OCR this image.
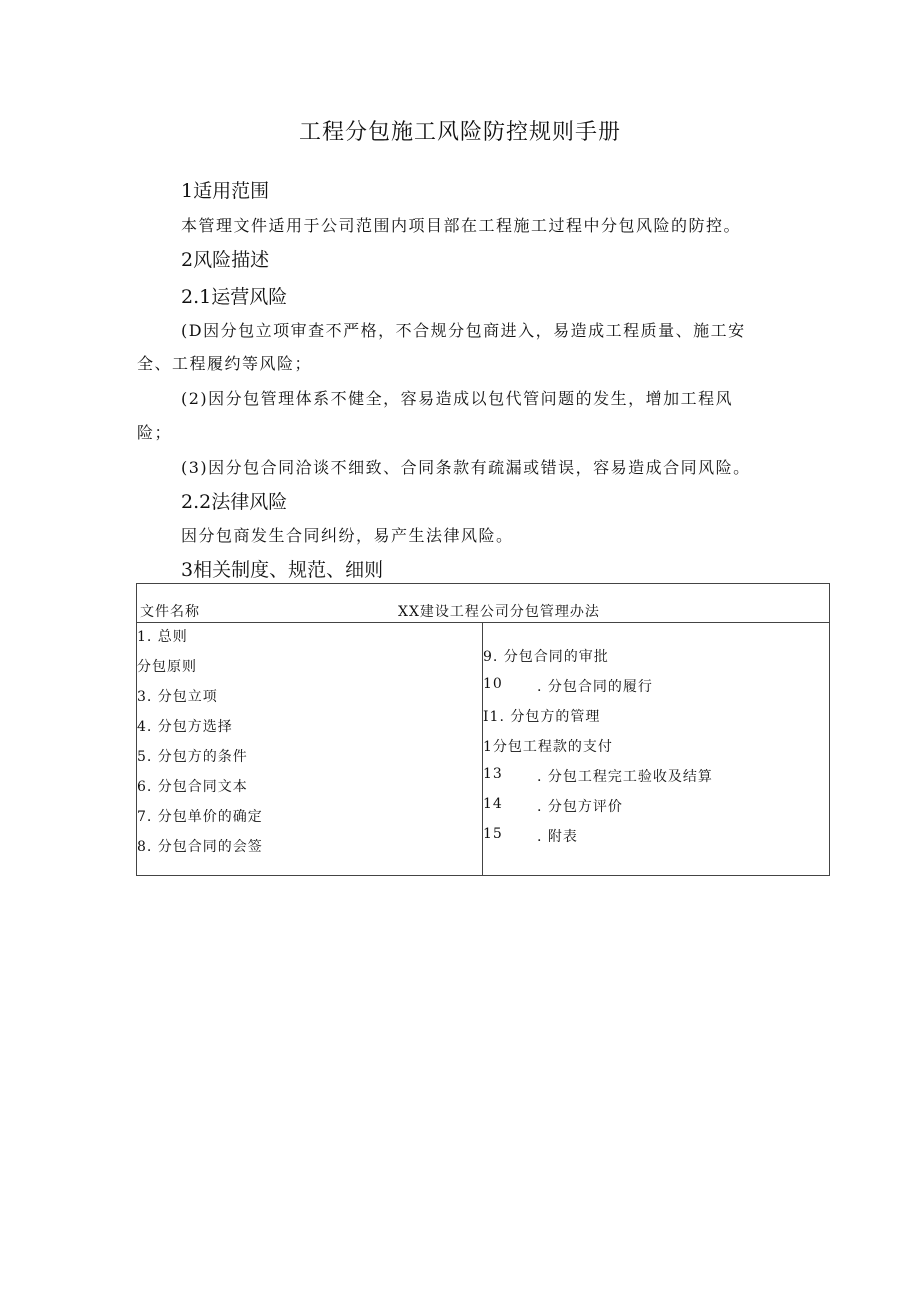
工程分包施工风险防控规则手册
1适用范围
本管理文件适用于公司范围内项目部在工程施工过程中分包风险的防控。
2风险描述
2.1运营风险
(D因分包立项审查不严格，不合规分包商进入，易造成工程质量、施工安
全、工程履约等风险；
(2)因分包管理体系不健全，容易造成以包代管问题的发生，增加工程风
险；
(3)因分包合同洽谈不细致、合同条款有疏漏或错误，容易造成合同风险。
2.2法律风险
因分包商发生合同纠纷，易产生法律风险。
3相关制度、规范、细则
文件名称	XX建设工程公司分包管理办法
1. 总则
分包原则
3. 分包立项
4. 分包方选择
5. 分包方的条件
6. 分包合同文本
7. 分包单价的确定
8. 分包合同的会签
9. 分包合同的审批
10 . 分包合同的履行
I1. 分包方的管理
1分包工程款的支付
13 . 分包工程完工验收及结算
14 . 分包方评价
15 . 附表
